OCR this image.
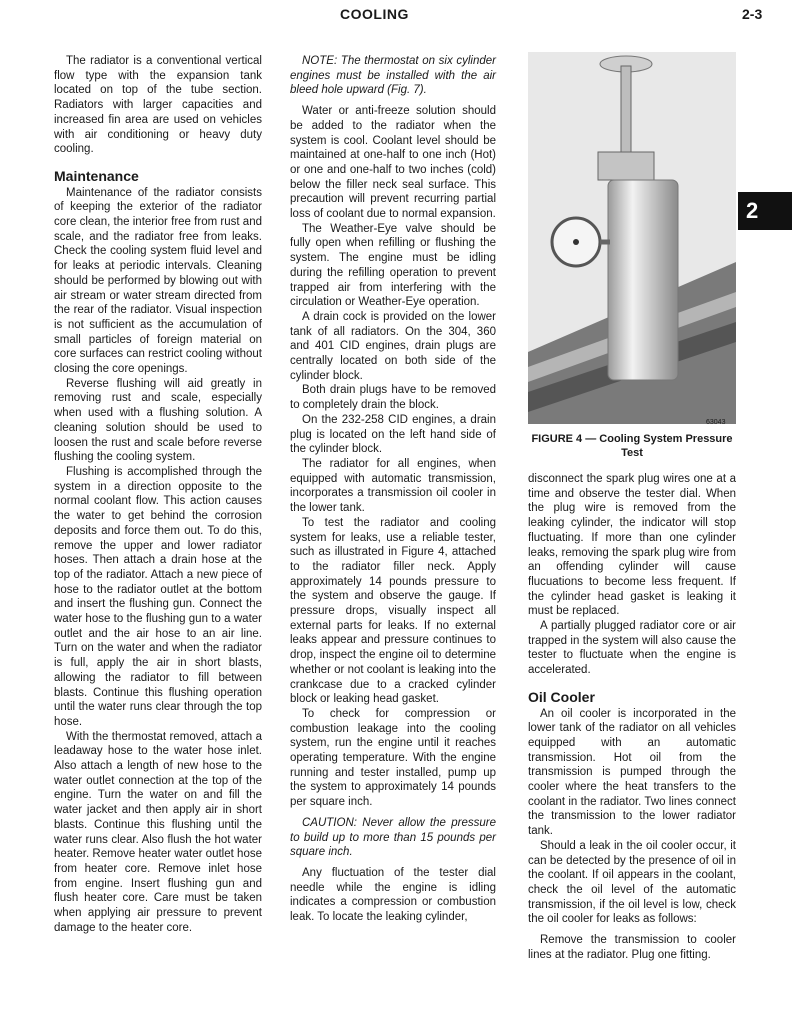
COOLING	2-3
2

The radiator is a conventional vertical flow type with the expansion tank located on top of the tube section. Radiators with larger capacities and increased fin area are used on vehicles with air conditioning or heavy duty cooling.

Maintenance

Maintenance of the radiator consists of keeping the exterior of the radiator core clean, the interior free from rust and scale, and the radiator free from leaks. Check the cooling system fluid level and for leaks at periodic intervals. Cleaning should be performed by blowing out with air stream or water stream directed from the rear of the radiator. Visual inspection is not sufficient as the accumulation of small particles of foreign material on core surfaces can restrict cooling without closing the core openings.

Reverse flushing will aid greatly in removing rust and scale, especially when used with a flushing solution. A cleaning solution should be used to loosen the rust and scale before reverse flushing the cooling system.

Flushing is accomplished through the system in a direction opposite to the normal coolant flow. This action causes the water to get behind the corrosion deposits and force them out. To do this, remove the upper and lower radiator hoses. Then attach a drain hose at the top of the radiator. Attach a new piece of hose to the radiator outlet at the bottom and insert the flushing gun. Connect the water hose to the flushing gun to a water outlet and the air hose to an air line. Turn on the water and when the radiator is full, apply the air in short blasts, allowing the radiator to fill between blasts. Continue this flushing operation until the water runs clear through the top hose.

With the thermostat removed, attach a leadaway hose to the water hose inlet. Also attach a length of new hose to the water outlet connection at the top of the engine. Turn the water on and fill the water jacket and then apply air in short blasts. Continue this flushing until the water runs clear. Also flush the hot water heater. Remove heater water outlet hose from heater core. Remove inlet hose from engine. Insert flushing gun and flush heater core. Care must be taken when applying air pressure to prevent damage to the heater core.

NOTE: The thermostat on six cylinder engines must be installed with the air bleed hole upward (Fig. 7).

Water or anti-freeze solution should be added to the radiator when the system is cool. Coolant level should be maintained at one-half to one inch (Hot) or one and one-half to two inches (cold) below the filler neck seal surface. This precaution will prevent recurring partial loss of coolant due to normal expansion.

The Weather-Eye valve should be fully open when refilling or flushing the system. The engine must be idling during the refilling operation to prevent trapped air from interfering with the circulation or Weather-Eye operation.

A drain cock is provided on the lower tank of all radiators. On the 304, 360 and 401 CID engines, drain plugs are centrally located on both side of the cylinder block.

Both drain plugs have to be removed to completely drain the block.

On the 232-258 CID engines, a drain plug is located on the left hand side of the cylinder block.

The radiator for all engines, when equipped with automatic transmission, incorporates a transmission oil cooler in the lower tank.

To test the radiator and cooling system for leaks, use a reliable tester, such as illustrated in Figure 4, attached to the radiator filler neck. Apply approximately 14 pounds pressure to the system and observe the gauge. If pressure drops, visually inspect all external parts for leaks. If no external leaks appear and pressure continues to drop, inspect the engine oil to determine whether or not coolant is leaking into the crankcase due to a cracked cylinder block or leaking head gasket.

To check for compression or combustion leakage into the cooling system, run the engine until it reaches operating temperature. With the engine running and tester installed, pump up the system to approximately 14 pounds per square inch.

CAUTION: Never allow the pressure to build up to more than 15 pounds per square inch.

Any fluctuation of the tester dial needle while the engine is idling indicates a compression or combustion leak. To locate the leaking cylinder,

63043
FIGURE 4 — Cooling System Pressure Test

disconnect the spark plug wires one at a time and observe the tester dial. When the plug wire is removed from the leaking cylinder, the indicator will stop fluctuating. If more than one cylinder leaks, removing the spark plug wire from an offending cylinder will cause flucuations to become less frequent. If the cylinder head gasket is leaking it must be replaced.

A partially plugged radiator core or air trapped in the system will also cause the tester to fluctuate when the engine is accelerated.

Oil Cooler

An oil cooler is incorporated in the lower tank of the radiator on all vehicles equipped with an automatic transmission. Hot oil from the transmission is pumped through the cooler where the heat transfers to the coolant in the radiator. Two lines connect the transmission to the lower radiator tank.

Should a leak in the oil cooler occur, it can be detected by the presence of oil in the coolant. If oil appears in the coolant, check the oil level of the automatic transmission, if the oil level is low, check the oil cooler for leaks as follows:

Remove the transmission to cooler lines at the radiator. Plug one fitting.
